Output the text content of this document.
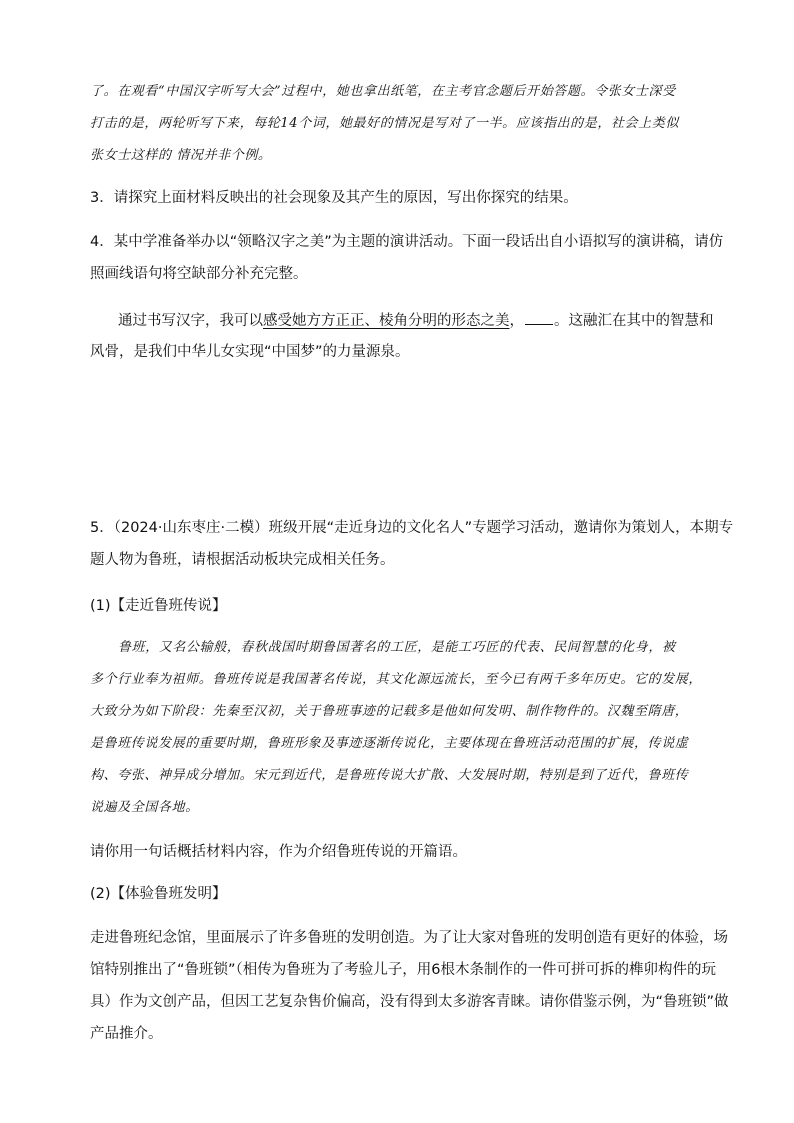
了。在观看“中国汉字听写大会”过程中，她也拿出纸笔，在主考官念题后开始答题。令张女士深受
打击的是，两轮听写下来，每轮14个词，她最好的情况是写对了一半。应该指出的是，社会上类似
张女士这样的 情况并非个例。
3．请探究上面材料反映出的社会现象及其产生的原因，写出你探究的结果。
4．某中学准备举办以“领略汉字之美”为主题的演讲活动。下面一段话出自小语拟写的演讲稿，请仿
照画线语句将空缺部分补充完整。
通过书写汉字，我可以感受她方方正正、棱角分明的形态之美， 。这融汇在其中的智慧和
风骨，是我们中华儿女实现“中国梦”的力量源泉。
5．（2024·山东枣庄·二模）班级开展“走近身边的文化名人”专题学习活动，邀请你为策划人，本期专
题人物为鲁班，请根据活动板块完成相关任务。
(1)【走近鲁班传说】
鲁班，又名公输般，春秋战国时期鲁国著名的工匠，是能工巧匠的代表、民间智慧的化身，被
多个行业奉为祖师。鲁班传说是我国著名传说，其文化源远流长，至今已有两千多年历史。它的发展，
大致分为如下阶段：先秦至汉初，关于鲁班事迹的记载多是他如何发明、制作物件的。汉魏至隋唐，
是鲁班传说发展的重要时期，鲁班形象及事迹逐渐传说化，主要体现在鲁班活动范围的扩展，传说虚
构、夸张、神异成分增加。宋元到近代，是鲁班传说大扩散、大发展时期，特别是到了近代，鲁班传
说遍及全国各地。
请你用一句话概括材料内容，作为介绍鲁班传说的开篇语。
(2)【体验鲁班发明】
走进鲁班纪念馆，里面展示了许多鲁班的发明创造。为了让大家对鲁班的发明创造有更好的体验，场
馆特别推出了“鲁班锁”（相传为鲁班为了考验儿子，用6根木条制作的一件可拼可拆的榫卯构件的玩
具）作为文创产品，但因工艺复杂售价偏高，没有得到太多游客青睐。请你借鉴示例，为“鲁班锁”做
产品推介。
